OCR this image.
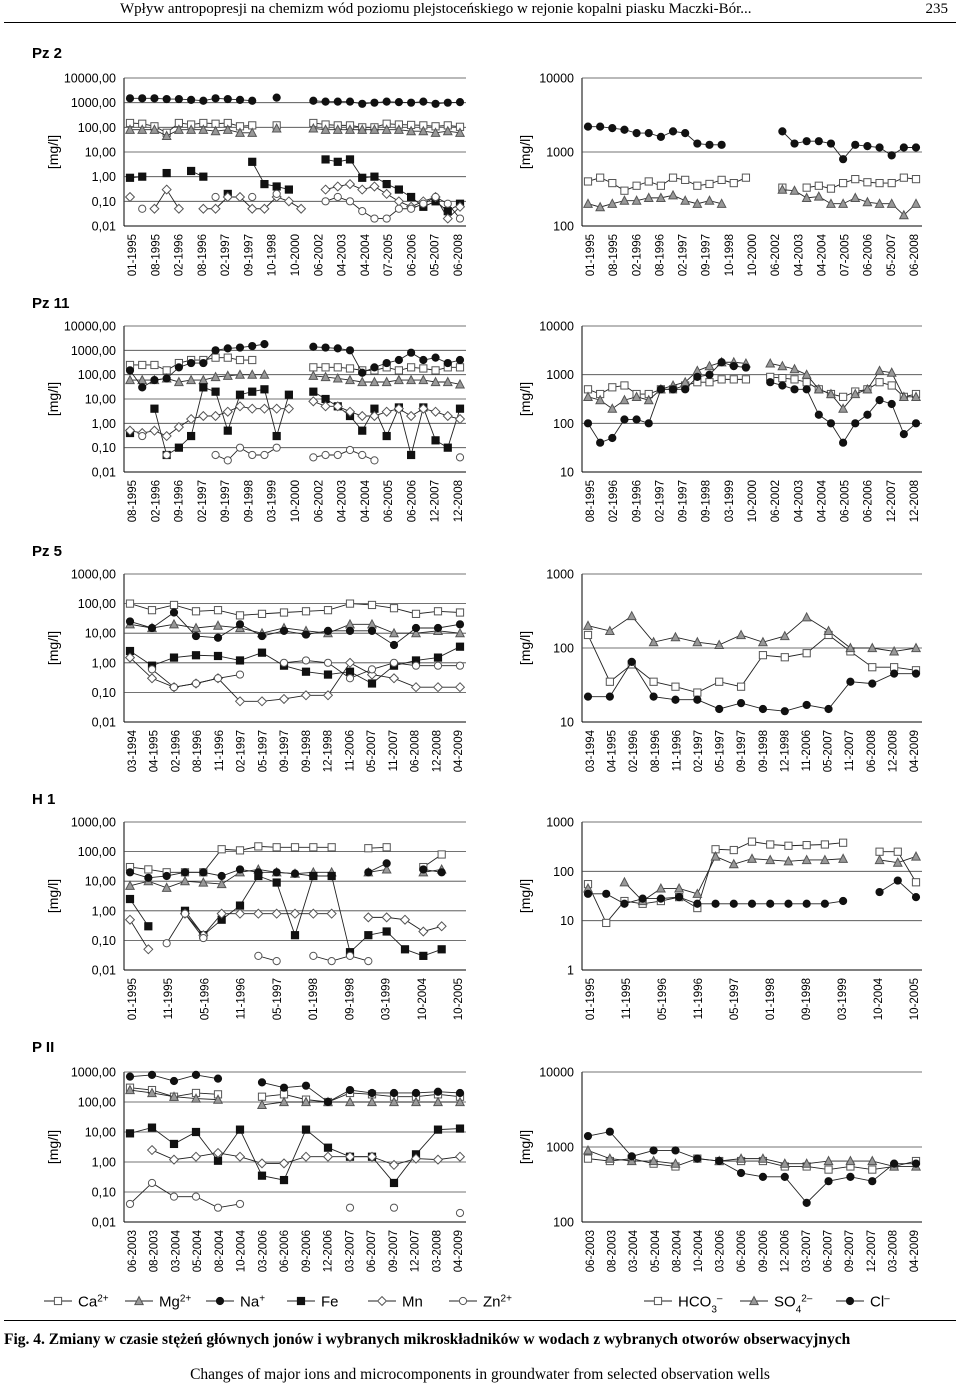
Wpływ antropopresji na chemizm wód poziomu plejstoceńskiego w rejonie kopalni piasku Maczki-Bór...	235
Pz 2
[mg/l]
10000,00
1000,00
100,00
10,00
1,00
0,10
0,01
01-1995 08-1995 02-1996 08-1996 02-1997 09-1997 10-1998 10-2000 06-2002 04-2003 04-2004 07-2005 06-2006 05-2007 06-2008
[mg/l]
10000
1000
100
01-1995 08-1995 02-1996 08-1996 02-1997 09-1997 10-1998 10-2000 06-2002 04-2003 04-2004 07-2005 06-2006 05-2007 06-2008
Pz 11
[mg/l]
10000,00
1000,00
100,00
10,00
1,00
0,10
0,01
08-1995 02-1996 09-1996 02-1997 09-1997 09-1998 03-1999 10-2000 06-2002 04-2003 04-2004 06-2005 06-2006 12-2007 12-2008
[mg/l]
10000
1000
100
10
08-1995 02-1996 09-1996 02-1997 09-1997 09-1998 03-1999 10-2000 06-2002 04-2003 04-2004 06-2005 06-2006 12-2007 12-2008
Pz 5
[mg/l]
1000,00
100,00
10,00
1,00
0,10
0,01
03-1994 04-1995 02-1996 08-1996 11-1996 02-1997 05-1997 09-1997 09-1998 12-1998 11-2006 05-2007 11-2007 06-2008 12-2008 04-2009
[mg/l]
1000
100
10
03-1994 04-1995 02-1996 08-1996 11-1996 02-1997 05-1997 09-1997 09-1998 12-1998 11-2006 05-2007 11-2007 06-2008 12-2008 04-2009
H 1
[mg/l]
1000,00
100,00
10,00
1,00
0,10
0,01
01-1995 11-1995 05-1996 11-1996 05-1997 01-1998 09-1998 03-1999 10-2004 10-2005
[mg/l]
1000
100
10
1
01-1995 11-1995 05-1996 11-1996 05-1997 01-1998 09-1998 03-1999 10-2004 10-2005
P II
[mg/l]
1000,00
100,00
10,00
1,00
0,10
0,01
06-2003 08-2003 03-2004 05-2004 08-2004 10-2004 03-2006 06-2006 09-2006 12-2006 03-2007 06-2007 09-2007 12-2007 03-2008 04-2009
[mg/l]
10000
1000
100
06-2003 08-2003 03-2004 05-2004 08-2004 10-2004 03-2006 06-2006 09-2006 12-2006 03-2007 06-2007 09-2007 12-2007 03-2008 04-2009
$Ca^{2+}$	$Mg^{2+}$	Na+	Fe	Mn	$Zn^{2+}$	$HCO_3^-$	$SO_4^{2-}$	Cl–
Fig. 4. Zmiany w czasie stężeń głównych jonów i wybranych mikroskładników w wodach z wybranych otworów obserwacyjnych
Changes of major ions and microcomponents in groundwater from selected observation wells
